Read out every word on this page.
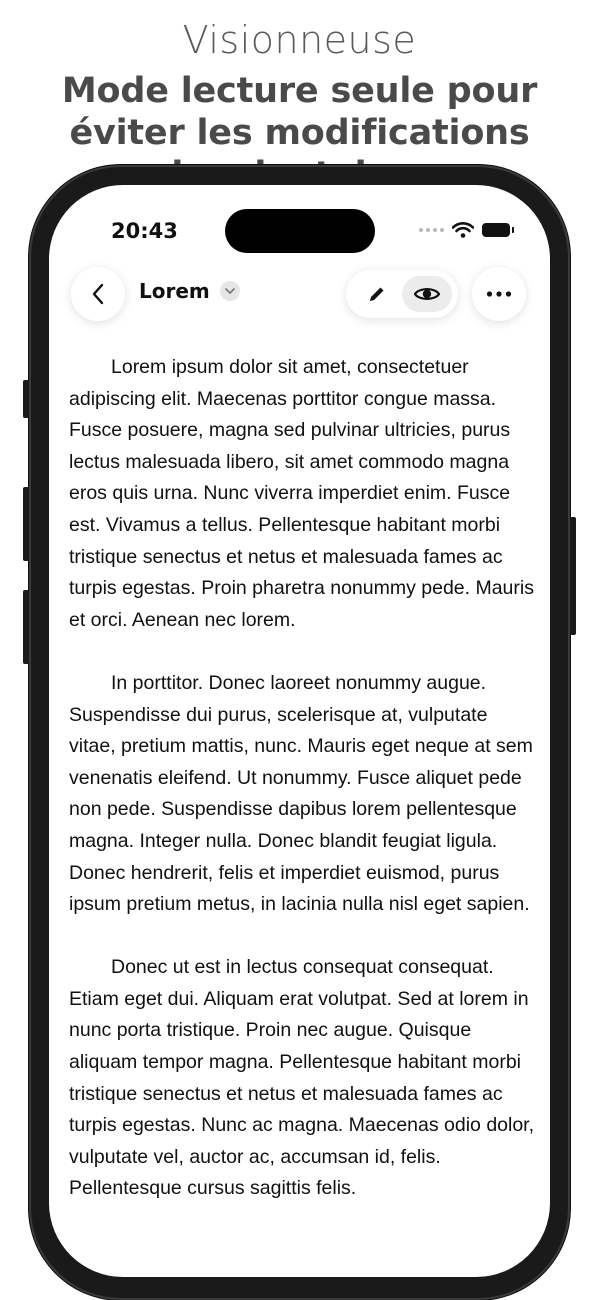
Visionneuse
Mode lecture seule pour éviter les modifications
20:43
Lorem

Lorem ipsum dolor sit amet, consectetuer adipiscing elit. Maecenas porttitor congue massa. Fusce posuere, magna sed pulvinar ultricies, purus lectus malesuada libero, sit amet commodo magna eros quis urna. Nunc viverra imperdiet enim. Fusce est. Vivamus a tellus. Pellentesque habitant morbi tristique senectus et netus et malesuada fames ac turpis egestas. Proin pharetra nonummy pede. Mauris et orci. Aenean nec lorem.

In porttitor. Donec laoreet nonummy augue. Suspendisse dui purus, scelerisque at, vulputate vitae, pretium mattis, nunc. Mauris eget neque at sem venenatis eleifend. Ut nonummy. Fusce aliquet pede non pede. Suspendisse dapibus lorem pellentesque magna. Integer nulla. Donec blandit feugiat ligula. Donec hendrerit, felis et imperdiet euismod, purus ipsum pretium metus, in lacinia nulla nisl eget sapien.

Donec ut est in lectus consequat consequat. Etiam eget dui. Aliquam erat volutpat. Sed at lorem in nunc porta tristique. Proin nec augue. Quisque aliquam tempor magna. Pellentesque habitant morbi tristique senectus et netus et malesuada fames ac turpis egestas. Nunc ac magna. Maecenas odio dolor, vulputate vel, auctor ac, accumsan id, felis. Pellentesque cursus sagittis felis.
